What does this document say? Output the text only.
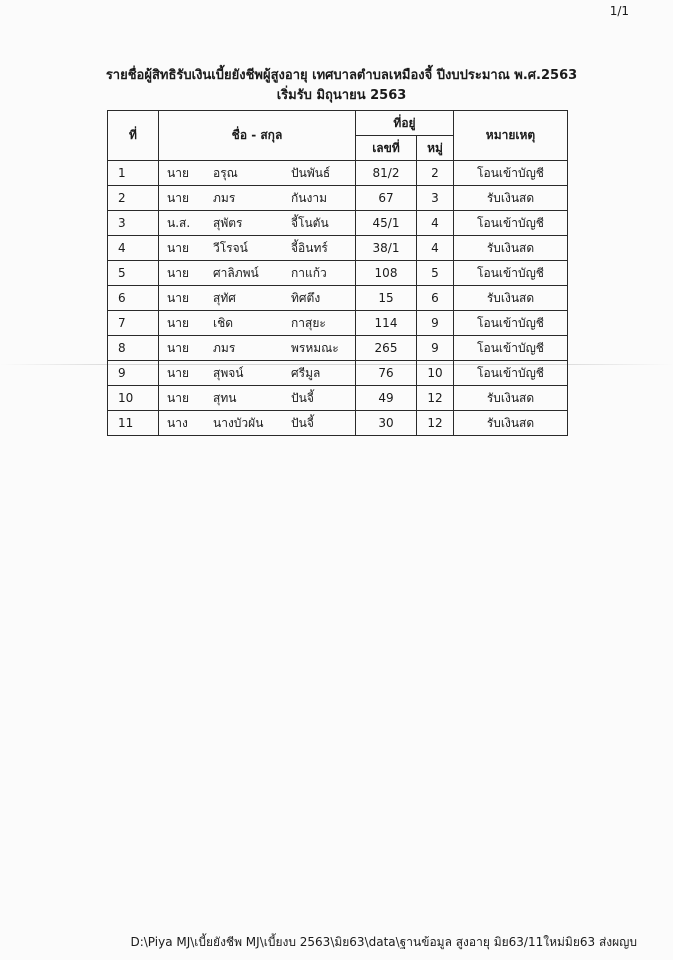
1/1
รายชื่อผู้สิทธิรับเงินเบี้ยยังชีพผู้สูงอายุ เทศบาลตำบลเหมืองจี้ ปีงบประมาณ พ.ศ.2563
เริ่มรับ มิถุนายน 2563
ที่	ชื่อ - สกุล	ที่อยู่		หมายเหตุ
		เลขที่	หมู่	
1	นาย อรุณ ปันพันธ์	81/2	2	โอนเข้าบัญชี
2	นาย ภมร กันงาม	67	3	รับเงินสด
3	น.ส. สุพัตร จี้โนตัน	45/1	4	โอนเข้าบัญชี
4	นาย วีโรจน์ จี้อินทร์	38/1	4	รับเงินสด
5	นาย ศาลิภพน์ กาแก้ว	108	5	โอนเข้าบัญชี
6	นาย สุทัศ ทิศตึง	15	6	รับเงินสด
7	นาย เชิด กาสุยะ	114	9	โอนเข้าบัญชี
8	นาย ภมร พรหมณะ	265	9	โอนเข้าบัญชี
9	นาย สุพจน์ ศรีมูล	76	10	โอนเข้าบัญชี
10	นาย สุทน ปันจี้	49	12	รับเงินสด
11	นาง นางบัวผัน ปันจี้	30	12	รับเงินสด
D:\Piya MJ\เบี้ยยังชีพ MJ\เบี้ยงบ 2563\มิย63\data\ฐานข้อมูล สูงอายุ มิย63/11ใหม่มิย63 ส่งผญบ
